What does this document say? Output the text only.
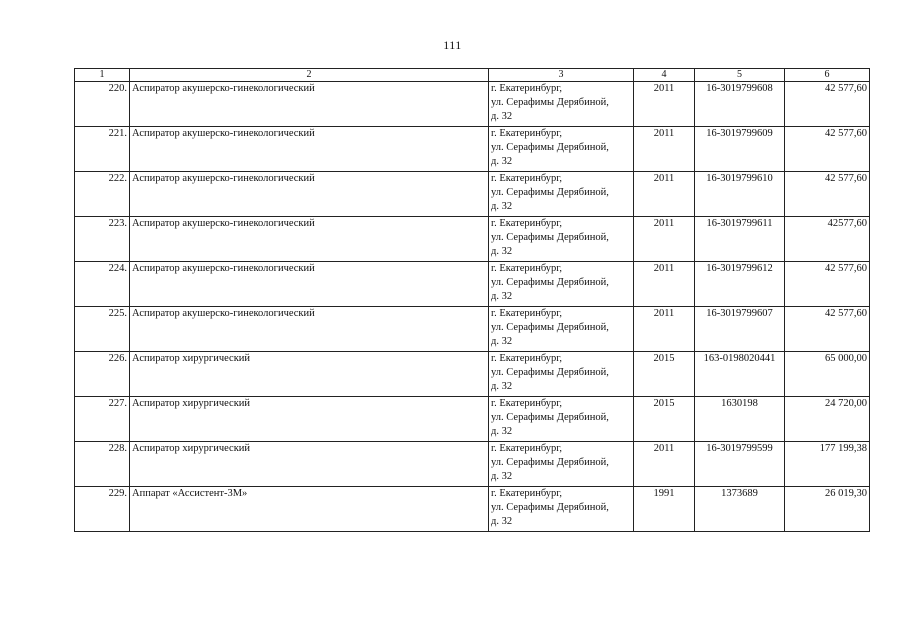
111
1	2	3	4	5	6
220.	Аспиратор акушерско-гинекологический	г. Екатеринбург,
ул. Серафимы Дерябиной,
д. 32	2011	16-3019799608	42 577,60
221.	Аспиратор акушерско-гинекологический	г. Екатеринбург,
ул. Серафимы Дерябиной,
д. 32	2011	16-3019799609	42 577,60
222.	Аспиратор акушерско-гинекологический	г. Екатеринбург,
ул. Серафимы Дерябиной,
д. 32	2011	16-3019799610	42 577,60
223.	Аспиратор акушерско-гинекологический	г. Екатеринбург,
ул. Серафимы Дерябиной,
д. 32	2011	16-3019799611	42577,60
224.	Аспиратор акушерско-гинекологический	г. Екатеринбург,
ул. Серафимы Дерябиной,
д. 32	2011	16-3019799612	42 577,60
225.	Аспиратор акушерско-гинекологический	г. Екатеринбург,
ул. Серафимы Дерябиной,
д. 32	2011	16-3019799607	42 577,60
226.	Аспиратор хирургический	г. Екатеринбург,
ул. Серафимы Дерябиной,
д. 32	2015	163-0198020441	65 000,00
227.	Аспиратор хирургический	г. Екатеринбург,
ул. Серафимы Дерябиной,
д. 32	2015	1630198	24 720,00
228.	Аспиратор хирургический	г. Екатеринбург,
ул. Серафимы Дерябиной,
д. 32	2011	16-3019799599	177 199,38
229.	Аппарат «Ассистент-3М»	г. Екатеринбург,
ул. Серафимы Дерябиной,
д. 32	1991	1373689	26 019,30
